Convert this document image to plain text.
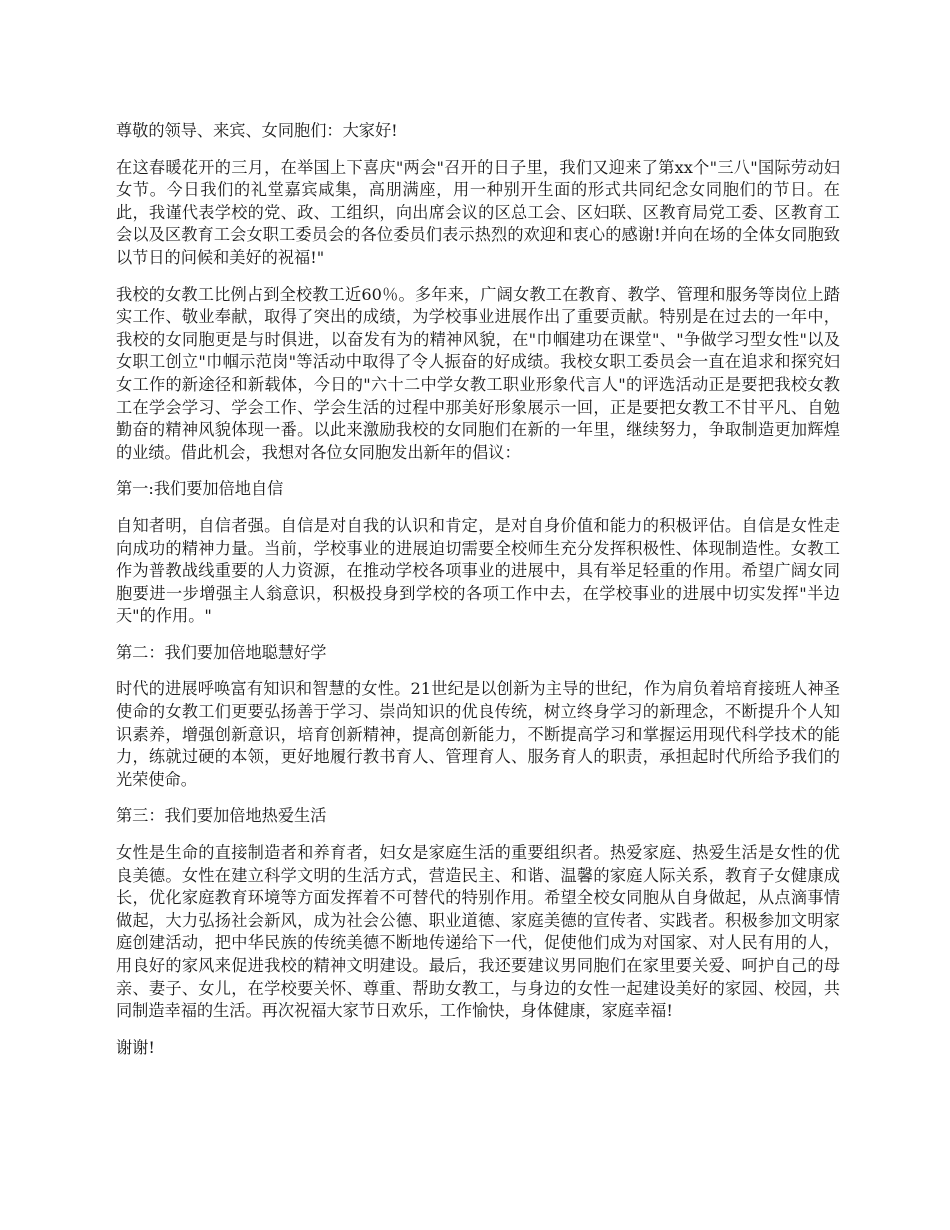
尊敬的领导、来宾、女同胞们：大家好!

在这春暖花开的三月，在举国上下喜庆"两会"召开的日子里，我们又迎来了第xx个"三八"国际劳动妇女节。今日我们的礼堂嘉宾咸集，高朋满座，用一种别开生面的形式共同纪念女同胞们的节日。在此，我谨代表学校的党、政、工组织，向出席会议的区总工会、区妇联、区教育局党工委、区教育工会以及区教育工会女职工委员会的各位委员们表示热烈的欢迎和衷心的感谢!并向在场的全体女同胞致以节日的问候和美好的祝福!"

我校的女教工比例占到全校教工近60％。多年来，广阔女教工在教育、教学、管理和服务等岗位上踏实工作、敬业奉献，取得了突出的成绩，为学校事业进展作出了重要贡献。特别是在过去的一年中，我校的女同胞更是与时俱进，以奋发有为的精神风貌，在"巾帼建功在课堂"、"争做学习型女性"以及女职工创立"巾帼示范岗"等活动中取得了令人振奋的好成绩。我校女职工委员会一直在追求和探究妇女工作的新途径和新载体，今日的"六十二中学女教工职业形象代言人"的评选活动正是要把我校女教工在学会学习、学会工作、学会生活的过程中那美好形象展示一回，正是要把女教工不甘平凡、自勉勤奋的精神风貌体现一番。以此来激励我校的女同胞们在新的一年里，继续努力，争取制造更加辉煌的业绩。借此机会，我想对各位女同胞发出新年的倡议：

第一:我们要加倍地自信

自知者明，自信者强。自信是对自我的认识和肯定，是对自身价值和能力的积极评估。自信是女性走向成功的精神力量。当前，学校事业的进展迫切需要全校师生充分发挥积极性、体现制造性。女教工作为普教战线重要的人力资源，在推动学校各项事业的进展中，具有举足轻重的作用。希望广阔女同胞要进一步增强主人翁意识，积极投身到学校的各项工作中去，在学校事业的进展中切实发挥"半边天"的作用。"

第二：我们要加倍地聪慧好学

时代的进展呼唤富有知识和智慧的女性。21世纪是以创新为主导的世纪，作为肩负着培育接班人神圣使命的女教工们更要弘扬善于学习、崇尚知识的优良传统，树立终身学习的新理念，不断提升个人知识素养，增强创新意识，培育创新精神，提高创新能力，不断提高学习和掌握运用现代科学技术的能力，练就过硬的本领，更好地履行教书育人、管理育人、服务育人的职责，承担起时代所给予我们的光荣使命。

第三：我们要加倍地热爱生活

女性是生命的直接制造者和养育者，妇女是家庭生活的重要组织者。热爱家庭、热爱生活是女性的优良美德。女性在建立科学文明的生活方式，营造民主、和谐、温馨的家庭人际关系，教育子女健康成长，优化家庭教育环境等方面发挥着不可替代的特别作用。希望全校女同胞从自身做起，从点滴事情做起，大力弘扬社会新风，成为社会公德、职业道德、家庭美德的宣传者、实践者。积极参加文明家庭创建活动，把中华民族的传统美德不断地传递给下一代，促使他们成为对国家、对人民有用的人，用良好的家风来促进我校的精神文明建设。最后，我还要建议男同胞们在家里要关爱、呵护自己的母亲、妻子、女儿，在学校要关怀、尊重、帮助女教工，与身边的女性一起建设美好的家园、校园，共同制造幸福的生活。再次祝福大家节日欢乐，工作愉快，身体健康，家庭幸福!

谢谢!
